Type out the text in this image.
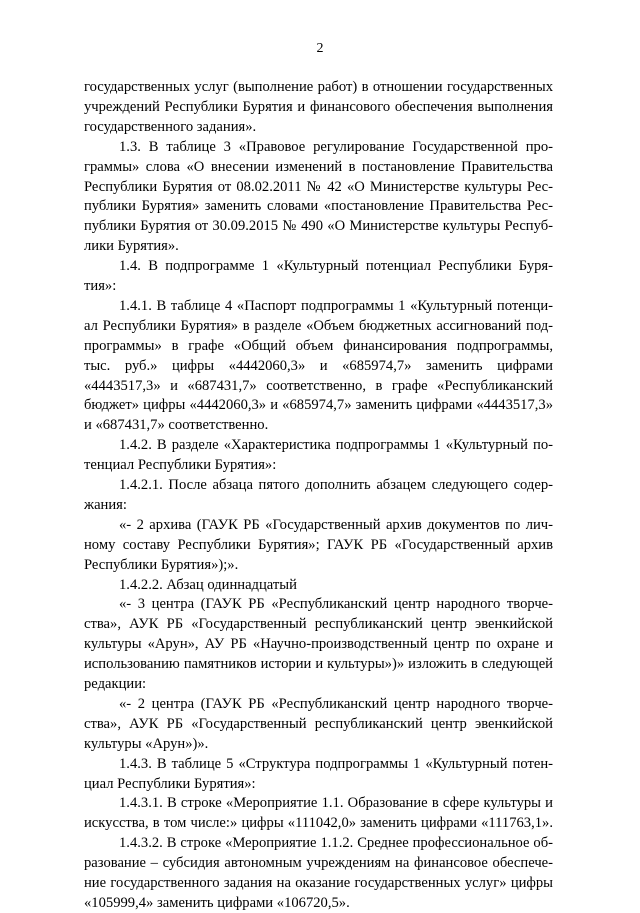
2
государственных услуг (выполнение работ) в отношении государственных
учреждений Республики Бурятия и финансового обеспечения выполнения
государственного задания».
1.3. В таблице 3 «Правовое регулирование Государственной про-
граммы» слова «О внесении изменений в постановление Правительства
Республики Бурятия от 08.02.2011 № 42 «О Министерстве культуры Рес-
публики Бурятия» заменить словами «постановление Правительства Рес-
публики Бурятия от 30.09.2015 № 490 «О Министерстве культуры Респуб-
лики Бурятия».
1.4. В подпрограмме 1 «Культурный потенциал Республики Буря-
тия»:
1.4.1. В таблице 4 «Паспорт подпрограммы 1 «Культурный потенци-
ал Республики Бурятия» в разделе «Объем бюджетных ассигнований под-
программы» в графе «Общий объем финансирования подпрограммы,
тыс. руб.» цифры «4442060,3» и «685974,7» заменить цифрами
«4443517,3» и «687431,7» соответственно, в графе «Республиканский
бюджет» цифры «4442060,3» и «685974,7» заменить цифрами «4443517,3»
и «687431,7» соответственно.
1.4.2. В разделе «Характеристика подпрограммы 1 «Культурный по-
тенциал Республики Бурятия»:
1.4.2.1. После абзаца пятого дополнить абзацем следующего содер-
жания:
«- 2 архива (ГАУК РБ «Государственный архив документов по лич-
ному составу Республики Бурятия»; ГАУК РБ «Государственный архив
Республики Бурятия»);».
1.4.2.2. Абзац одиннадцатый
«- 3 центра (ГАУК РБ «Республиканский центр народного творче-
ства», АУК РБ «Государственный республиканский центр эвенкийской
культуры «Арун», АУ РБ «Научно-производственный центр по охране и
использованию памятников истории и культуры»)» изложить в следующей
редакции:
«- 2 центра (ГАУК РБ «Республиканский центр народного творче-
ства», АУК РБ «Государственный республиканский центр эвенкийской
культуры «Арун»)».
1.4.3. В таблице 5 «Структура подпрограммы 1 «Культурный потен-
циал Республики Бурятия»:
1.4.3.1. В строке «Мероприятие 1.1. Образование в сфере культуры и
искусства, в том числе:» цифры «111042,0» заменить цифрами «111763,1».
1.4.3.2. В строке «Мероприятие 1.1.2. Среднее профессиональное об-
разование – субсидия автономным учреждениям на финансовое обеспече-
ние государственного задания на оказание государственных услуг» цифры
«105999,4» заменить цифрами «106720,5».
